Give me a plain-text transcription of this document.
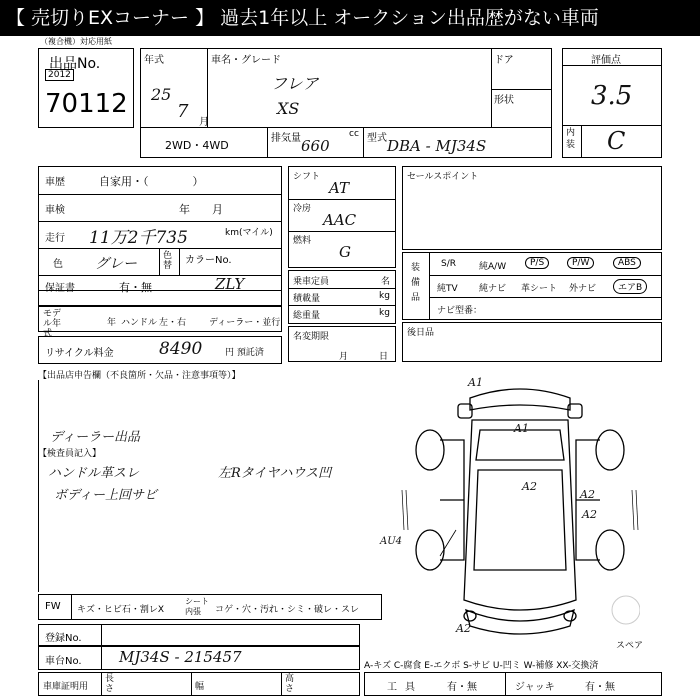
【 売切りEXコーナー 】 過去1年以上 オークション出品歴がない車両
（複合機）対応用紙
出品No.
2012
70112
年式
25
7
月
車名・グレード
フレア
XS
ドア
形状
2WD・4WD
排気量 660
cc 型式 DBA - MJ34S
評価点
3.5
内装 C
車歴	自家用・（　　　　）
車検	年　　月
走行 11万2千735	km(マイル)
色 グレー	色替	カラーNo.
ZLY
保証書	有・無
モデル年式
年 ハンドル 左・右	ディーラー・並行
シフト
AT
冷房
AAC
燃料
G
乗車定員	名
積載量	kg
総重量	kg
名変期限
月	日
セールスポイント
装備品
S/R	純A/W	P/S	P/W	ABS
純TV 純ナビ 革シート 外ナビ	エアB
ナビ型番：
後日品
リサイクル料金	8490	円 預託済
【出品店申告欄（不良箇所・欠品・注意事項等）】
ディーラー出品
【検査員記入】
ハンドル革スレ
ボディー上回サビ
左Rタイヤハウス凹
A1
A1
A2
A2
A2
AU4
A2
スペア
FW キズ・ヒビ石・割レX
シート内張	コゲ・穴・汚れ・シミ・破レ・スレ
登録No.
車台No. MJ34S - 215457
車庫証明用
長さ	幅
高さ
A-キズ C-腐食 E-エクボ S-サビ U-凹ミ W-補修 XX-交換済
工具 有・無	ジャッキ	有・無
